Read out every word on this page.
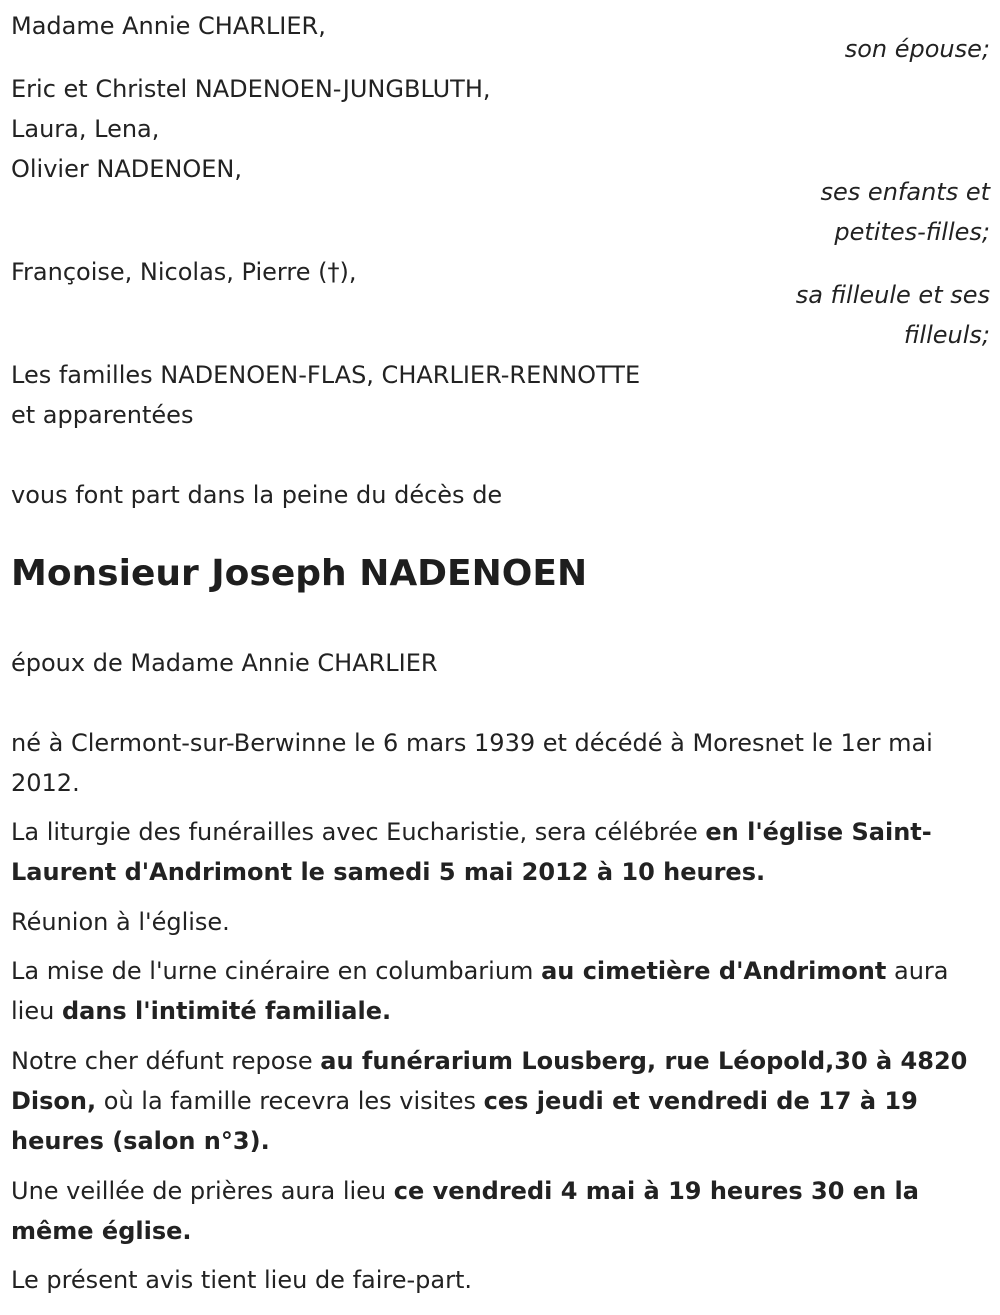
Madame Annie CHARLIER,

son épouse;

Eric et Christel NADENOEN-JUNGBLUTH,

Laura, Lena,

Olivier NADENOEN,

ses enfants et

petites-filles;

Françoise, Nicolas, Pierre (†),

sa filleule et ses

filleuls;

Les familles NADENOEN-FLAS, CHARLIER-RENNOTTE

et apparentées

vous font part dans la peine du décès de

Monsieur Joseph NADENOEN

époux de Madame Annie CHARLIER

né à Clermont-sur-Berwinne le 6 mars 1939 et décédé à Moresnet le 1er mai 2012.

La liturgie des funérailles avec Eucharistie, sera célébrée en l'église Saint-Laurent d'Andrimont le samedi 5 mai 2012 à 10 heures.

Réunion à l'église.

La mise de l'urne cinéraire en columbarium au cimetière d'Andrimont aura lieu dans l'intimité familiale.

Notre cher défunt repose au funérarium Lousberg, rue Léopold,30 à 4820 Dison, où la famille recevra les visites ces jeudi et vendredi de 17 à 19 heures (salon n°3).

Une veillée de prières aura lieu ce vendredi 4 mai à 19 heures 30 en la même église.

Le présent avis tient lieu de faire-part.
